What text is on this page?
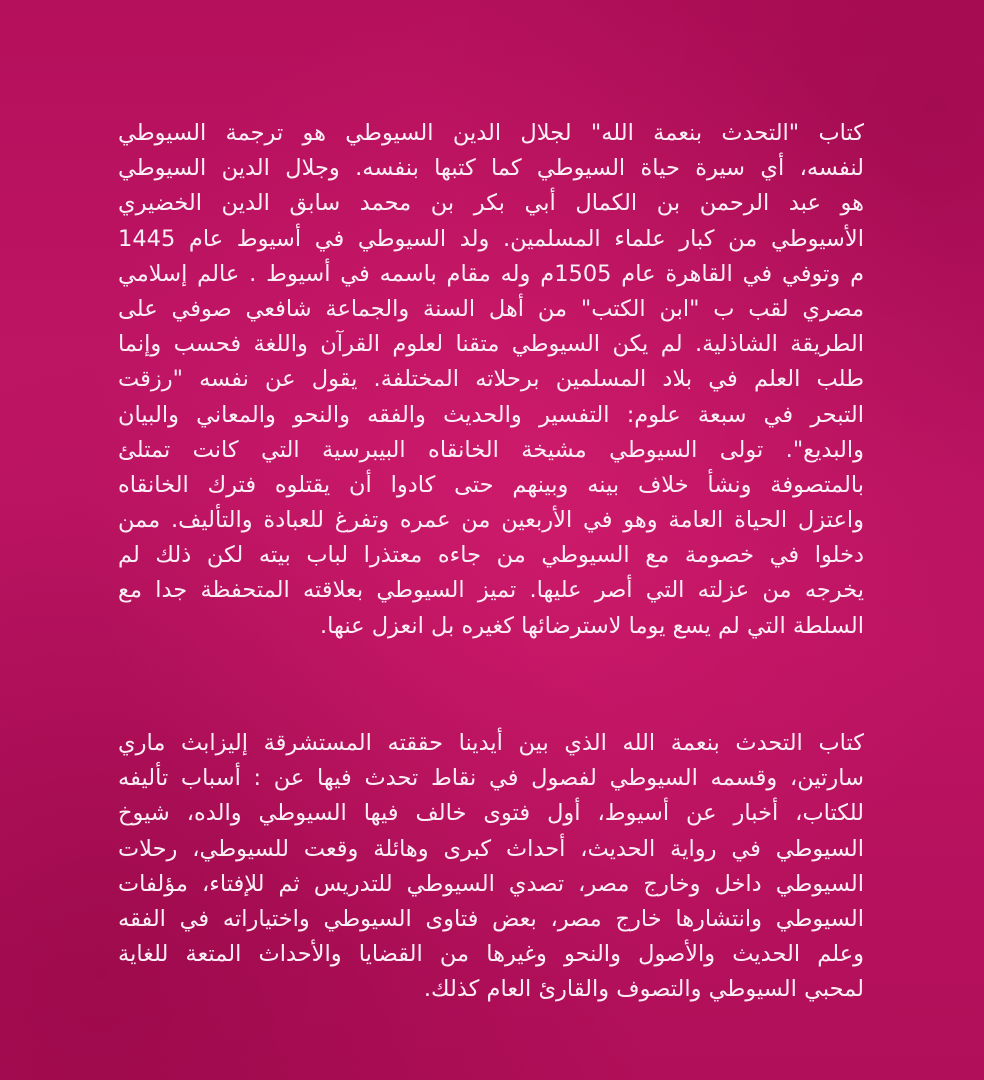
كتاب "التحدث بنعمة الله" لجلال الدين السيوطي هو ترجمة السيوطي
لنفسه، أي سيرة حياة السيوطي كما كتبها بنفسه. وجلال الدين السيوطي
هو عبد الرحمن بن الكمال أبي بكر بن محمد سابق الدين الخضيري
الأسيوطي من كبار علماء المسلمين. ولد السيوطي في أسيوط عام 1445
م وتوفي في القاهرة عام 1505م وله مقام باسمه في أسيوط . عالم إسلامي
مصري لقب ب "ابن الكتب" من أهل السنة والجماعة شافعي صوفي على
الطريقة الشاذلية. لم يكن السيوطي متقنا لعلوم القرآن واللغة فحسب وإنما
طلب العلم في بلاد المسلمين برحلاته المختلفة. يقول عن نفسه "رزقت
التبحر في سبعة علوم: التفسير والحديث والفقه والنحو والمعاني والبيان
والبديع". تولى السيوطي مشيخة الخانقاه البيبرسية التي كانت تمتلئ
بالمتصوفة ونشأ خلاف بينه وبينهم حتى كادوا أن يقتلوه فترك الخانقاه
واعتزل الحياة العامة وهو في الأربعين من عمره وتفرغ للعبادة والتأليف. ممن
دخلوا في خصومة مع السيوطي من جاءه معتذرا لباب بيته لكن ذلك لم
يخرجه من عزلته التي أصر عليها. تميز السيوطي بعلاقته المتحفظة جدا مع
السلطة التي لم يسع يوما لاسترضائها كغيره بل انعزل عنها.
كتاب التحدث بنعمة الله الذي بين أيدينا حققته المستشرقة إليزابث ماري
سارتين، وقسمه السيوطي لفصول في نقاط تحدث فيها عن : أسباب تأليفه
للكتاب، أخبار عن أسيوط، أول فتوى خالف فيها السيوطي والده، شيوخ
السيوطي في رواية الحديث، أحداث كبرى وهائلة وقعت للسيوطي، رحلات
السيوطي داخل وخارج مصر، تصدي السيوطي للتدريس ثم للإفتاء، مؤلفات
السيوطي وانتشارها خارج مصر، بعض فتاوى السيوطي واختياراته في الفقه
وعلم الحديث والأصول والنحو وغيرها من القضايا والأحداث المتعة للغاية
لمحبي السيوطي والتصوف والقارئ العام كذلك.
